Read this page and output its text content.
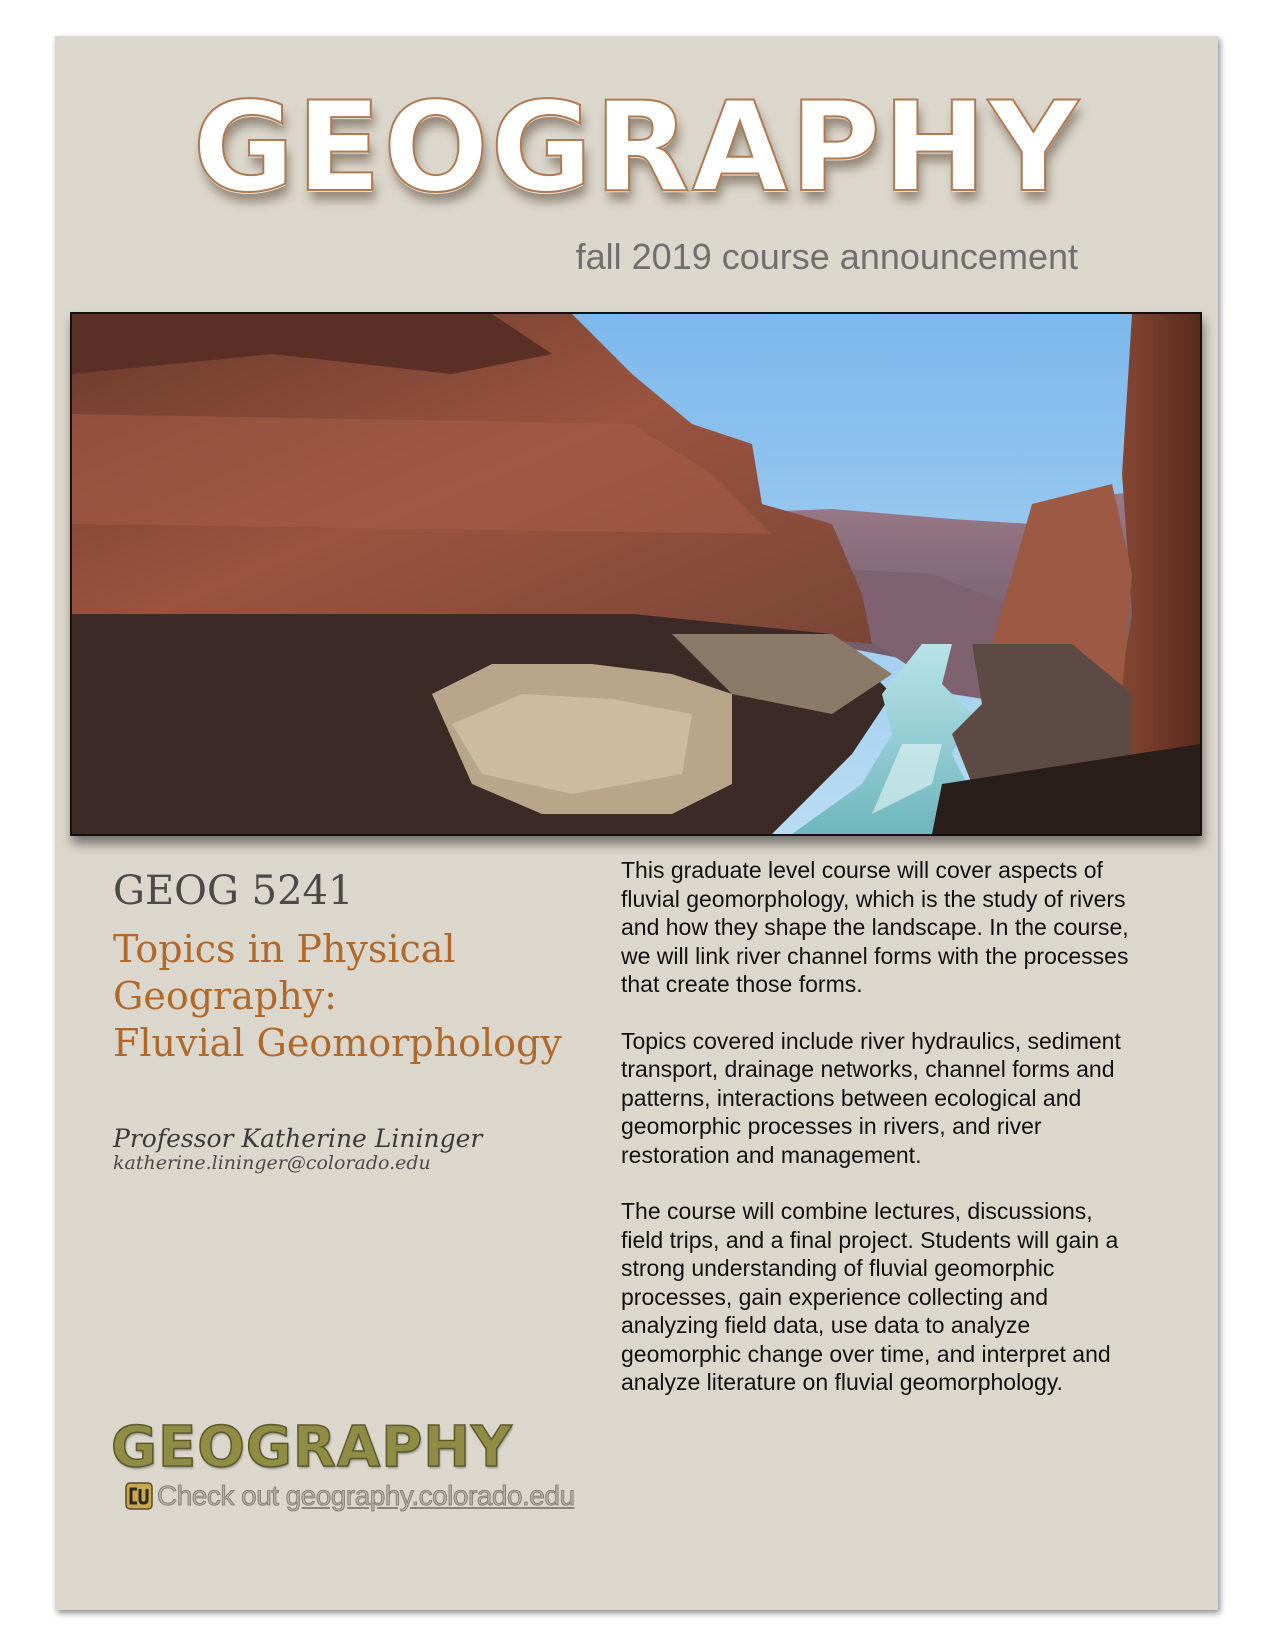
GEOGRAPHY
fall 2019 course announcement
GEOG 5241
Topics in Physical
Geography:
Fluvial Geomorphology
Professor Katherine Lininger
katherine.lininger@colorado.edu

This graduate level course will cover aspects of fluvial geomorphology, which is the study of rivers and how they shape the landscape. In the course, we will link river channel forms with the processes that create those forms.

Topics covered include river hydraulics, sediment transport, drainage networks, channel forms and patterns, interactions between ecological and geomorphic processes in rivers, and river restoration and management.

The course will combine lectures, discussions, field trips, and a final project. Students will gain a strong understanding of fluvial geomorphic processes, gain experience collecting and analyzing field data, use data to analyze geomorphic change over time, and interpret and analyze literature on fluvial geomorphology.

GEOGRAPHY
Check out geography.colorado.edu
